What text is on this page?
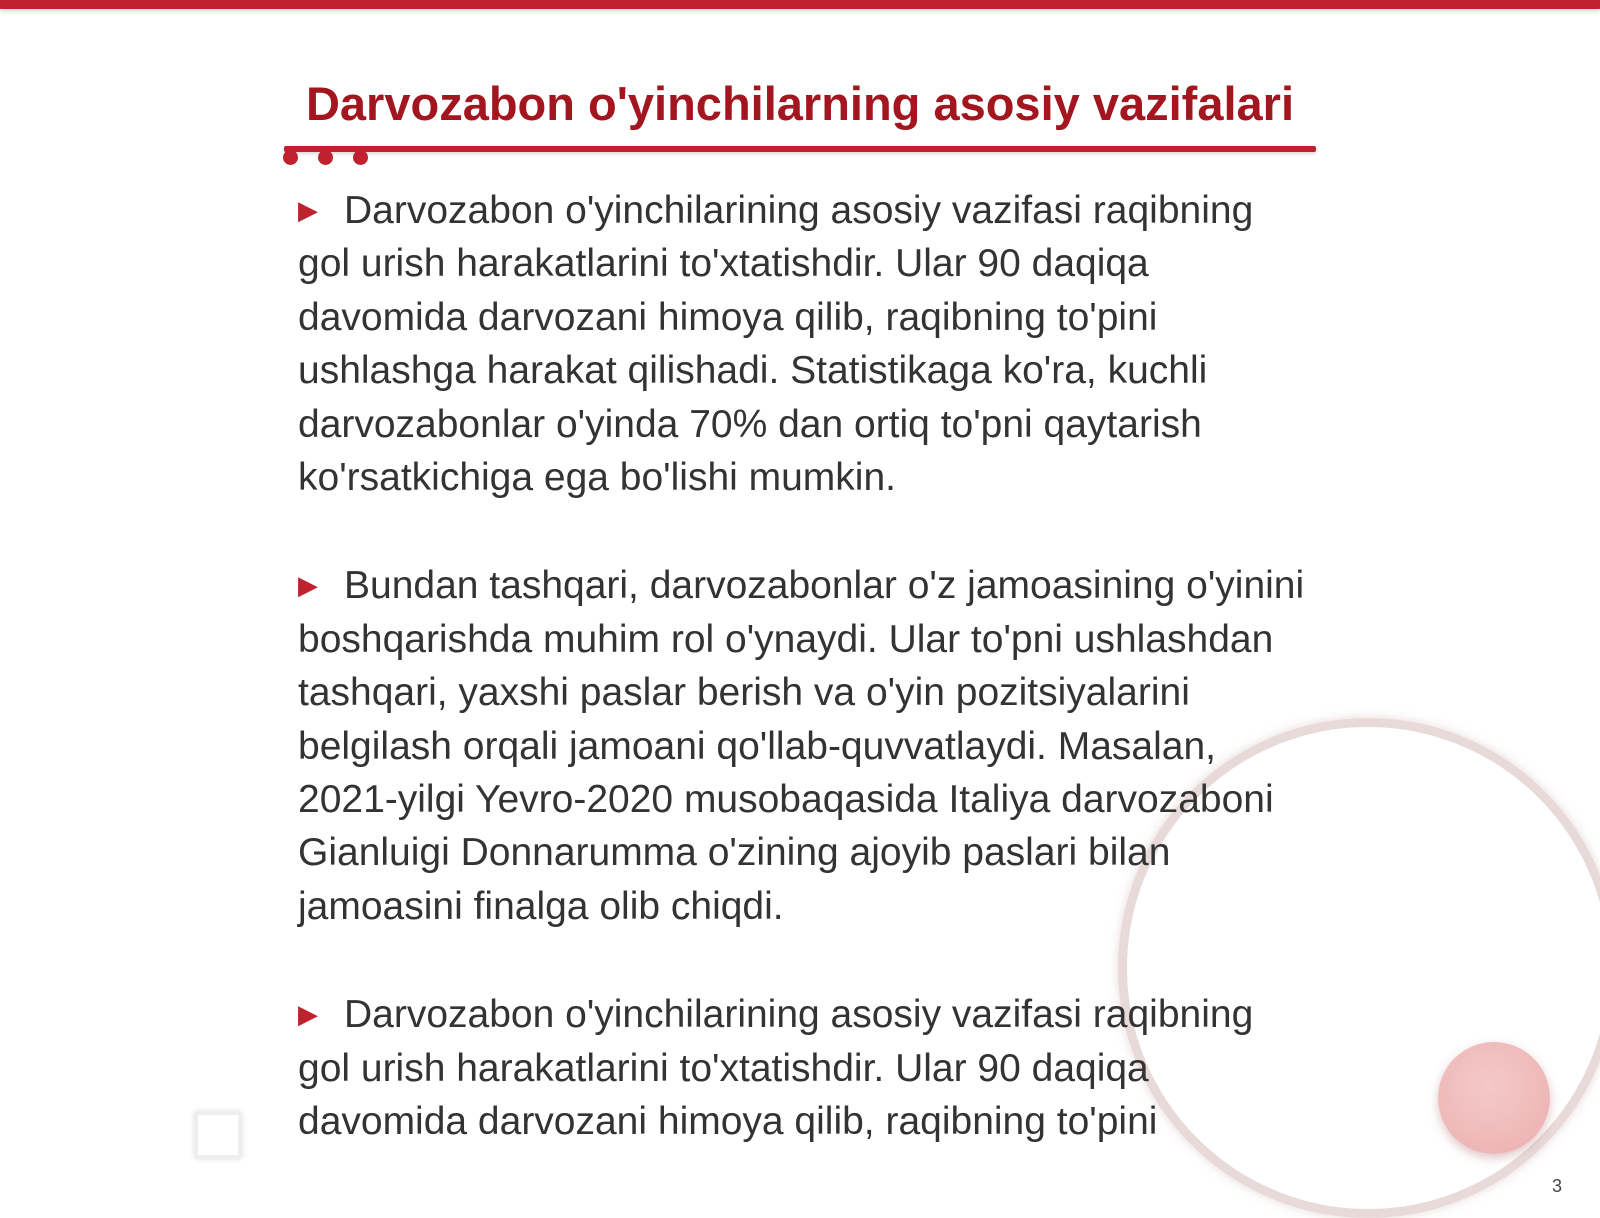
Darvozabon o'yinchilarning asosiy vazifalari

▶ Darvozabon o'yinchilarining asosiy vazifasi raqibning gol urish harakatlarini to'xtatishdir. Ular 90 daqiqa davomida darvozani himoya qilib, raqibning to'pini ushlashga harakat qilishadi. Statistikaga ko'ra, kuchli darvozabonlar o'yinda 70% dan ortiq to'pni qaytarish ko'rsatkichiga ega bo'lishi mumkin.

▶ Bundan tashqari, darvozabonlar o'z jamoasining o'yinini boshqarishda muhim rol o'ynaydi. Ular to'pni ushlashdan tashqari, yaxshi paslar berish va o'yin pozitsiyalarini belgilash orqali jamoani qo'llab-quvvatlaydi. Masalan, 2021-yilgi Yevro-2020 musobaqasida Italiya darvozaboni Gianluigi Donnarumma o'zining ajoyib paslari bilan jamoasini finalga olib chiqdi.

▶ Darvozabon o'yinchilarining asosiy vazifasi raqibning gol urish harakatlarini to'xtatishdir. Ular 90 daqiqa davomida darvozani himoya qilib, raqibning to'pini

3
